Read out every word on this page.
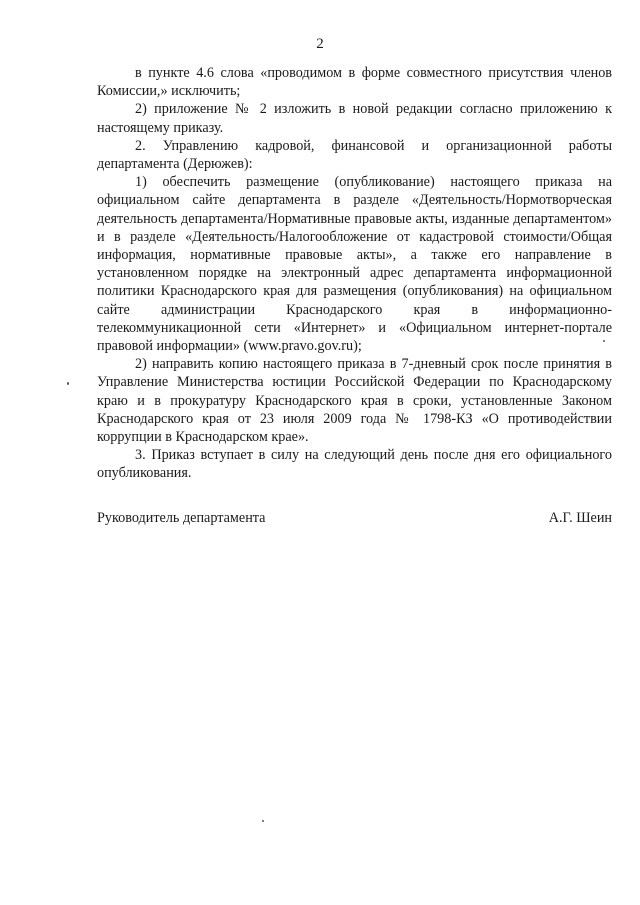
2

в пункте 4.6 слова «проводимом в форме совместного присутствия членов Комиссии,» исключить;

2) приложение № 2 изложить в новой редакции согласно приложению к настоящему приказу.

2. Управлению кадровой, финансовой и организационной работы департамента (Дерюжев):

1) обеспечить размещение (опубликование) настоящего приказа на официальном сайте департамента в разделе «Деятельность/Нормотворческая деятельность департамента/Нормативные правовые акты, изданные департаментом» и в разделе «Деятельность/Налогообложение от кадастровой стоимости/Общая информация, нормативные правовые акты», а также его направление в установленном порядке на электронный адрес департамента информационной политики Краснодарского края для размещения (опубликования) на официальном сайте администрации Краснодарского края в информационно-телекоммуникационной сети «Интернет» и «Официальном интернет-портале правовой информации» (www.pravo.gov.ru);

2) направить копию настоящего приказа в 7-дневный срок после принятия в Управление Министерства юстиции Российской Федерации по Краснодарскому краю и в прокуратуру Краснодарского края в сроки, установленные Законом Краснодарского края от 23 июля 2009 года № 1798-КЗ «О противодействии коррупции в Краснодарском крае».

3. Приказ вступает в силу на следующий день после дня его официального опубликования.

Руководитель департамента	А.Г. Шеин
